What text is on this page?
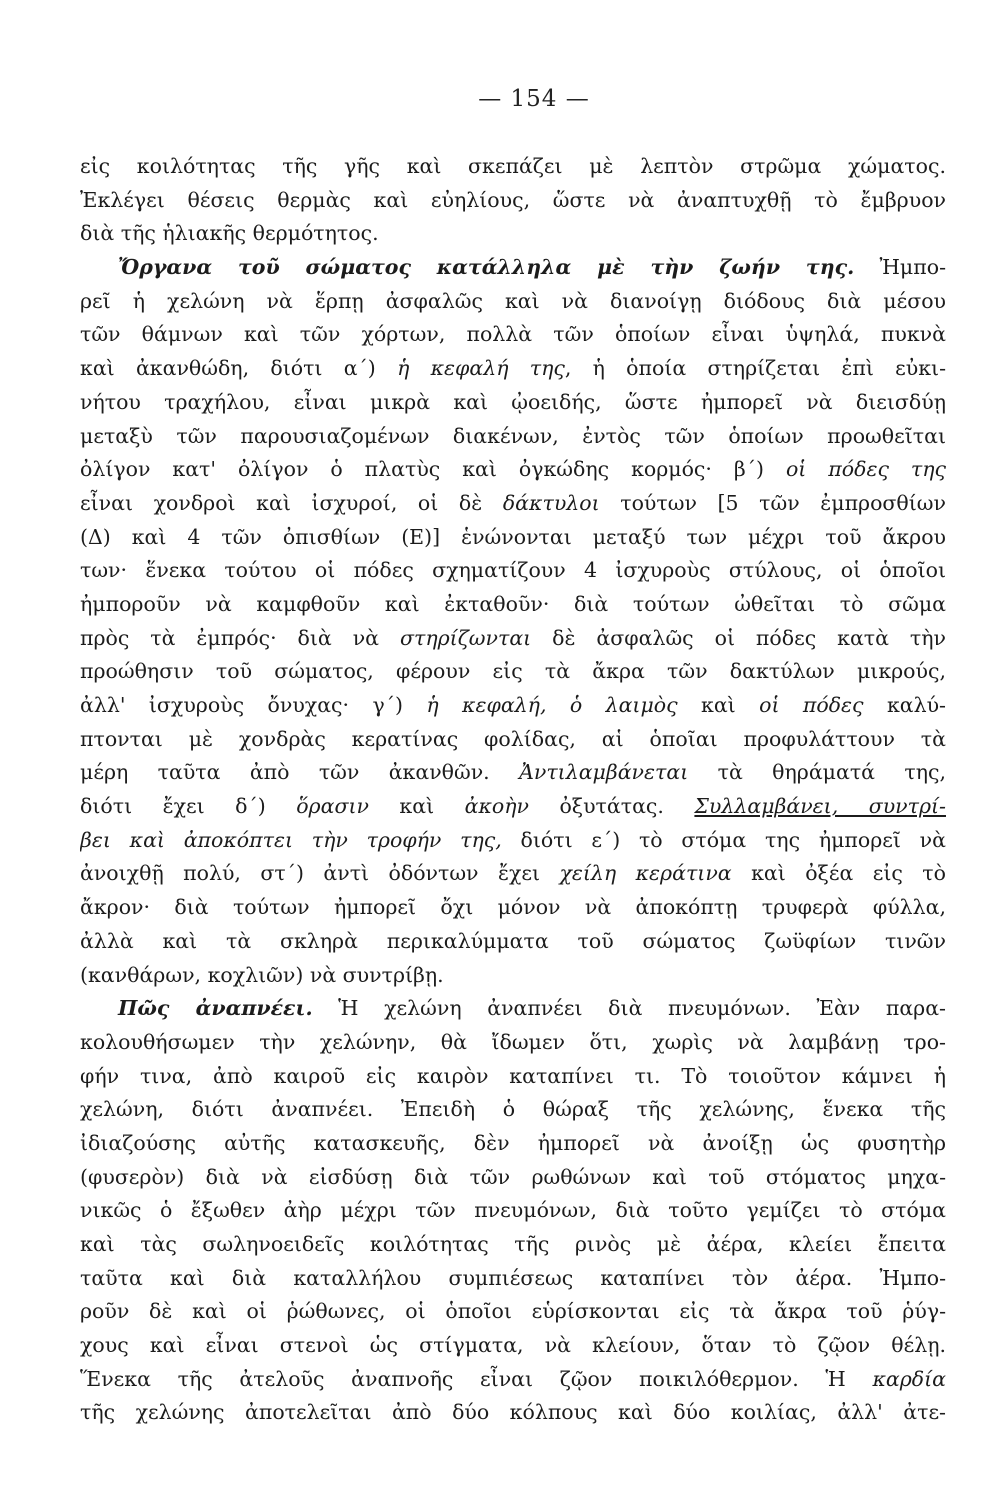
— 154 —
εἰς κοιλότητας τῆς γῆς καὶ σκεπάζει μὲ λεπτὸν στρῶμα χώματος.
Ἐκλέγει θέσεις θερμὰς καὶ εὐηλίους, ὥστε νὰ ἀναπτυχθῇ τὸ ἔμβρυον
διὰ τῆς ἡλιακῆς θερμότητος.
Ὄργανα τοῦ σώματος κατάλληλα μὲ τὴν ζωήν της. Ἠμπο-
ρεῖ ἡ χελώνη νὰ ἕρπῃ ἀσφαλῶς καὶ νὰ διανοίγῃ διόδους διὰ μέσου
τῶν θάμνων καὶ τῶν χόρτων, πολλὰ τῶν ὁποίων εἶναι ὑψηλά, πυκνὰ
καὶ ἀκανθώδη, διότι α΄) ἡ κεφαλή της, ἡ ὁποία στηρίζεται ἐπὶ εὐκι-
νήτου τραχήλου, εἶναι μικρὰ καὶ ᾠοειδής, ὥστε ἠμπορεῖ νὰ διεισδύῃ
μεταξὺ τῶν παρουσιαζομένων διακένων, ἐντὸς τῶν ὁποίων προωθεῖται
ὀλίγον κατ' ὀλίγον ὁ πλατὺς καὶ ὀγκώδης κορμός· β΄) οἱ πόδες της
εἶναι χονδροὶ καὶ ἰσχυροί, οἱ δὲ δάκτυλοι τούτων [5 τῶν ἐμπροσθίων
(Δ) καὶ 4 τῶν ὀπισθίων (Ε)] ἑνώνονται μεταξύ των μέχρι τοῦ ἄκρου
των· ἕνεκα τούτου οἱ πόδες σχηματίζουν 4 ἰσχυροὺς στύλους, οἱ ὁποῖοι
ἠμποροῦν νὰ καμφθοῦν καὶ ἐκταθοῦν· διὰ τούτων ὠθεῖται τὸ σῶμα
πρὸς τὰ ἐμπρός· διὰ νὰ στηρίζωνται δὲ ἀσφαλῶς οἱ πόδες κατὰ τὴν
προώθησιν τοῦ σώματος, φέρουν εἰς τὰ ἄκρα τῶν δακτύλων μικρούς,
ἀλλ' ἰσχυροὺς ὄνυχας· γ΄) ἡ κεφαλή, ὁ λαιμὸς καὶ οἱ πόδες καλύ-
πτονται μὲ χονδρὰς κερατίνας φολίδας, αἱ ὁποῖαι προφυλάττουν τὰ
μέρη ταῦτα ἀπὸ τῶν ἀκανθῶν. Ἀντιλαμβάνεται τὰ θηράματά της,
διότι ἔχει δ΄) ὅρασιν καὶ ἀκοὴν ὀξυτάτας. Συλλαμβάνει, συντρί-
βει καὶ ἀποκόπτει τὴν τροφήν της, διότι ε΄) τὸ στόμα της ἠμπορεῖ νὰ
ἀνοιχθῇ πολύ, στ΄) ἀντὶ ὀδόντων ἔχει χείλη κεράτινα καὶ ὀξέα εἰς τὸ
ἄκρον· διὰ τούτων ἠμπορεῖ ὄχι μόνον νὰ ἀποκόπτῃ τρυφερὰ φύλλα,
ἀλλὰ καὶ τὰ σκληρὰ περικαλύμματα τοῦ σώματος ζωϋφίων τινῶν
(κανθάρων, κοχλιῶν) νὰ συντρίβῃ.
Πῶς ἀναπνέει. Ἡ χελώνη ἀναπνέει διὰ πνευμόνων. Ἐὰν παρα-
κολουθήσωμεν τὴν χελώνην, θὰ ἴδωμεν ὅτι, χωρὶς νὰ λαμβάνῃ τρο-
φήν τινα, ἀπὸ καιροῦ εἰς καιρὸν καταπίνει τι. Τὸ τοιοῦτον κάμνει ἡ
χελώνη, διότι ἀναπνέει. Ἐπειδὴ ὁ θώραξ τῆς χελώνης, ἕνεκα τῆς
ἰδιαζούσης αὐτῆς κατασκευῆς, δὲν ἠμπορεῖ νὰ ἀνοίξῃ ὡς φυσητὴρ
(φυσερὸν) διὰ νὰ εἰσδύσῃ διὰ τῶν ρωθώνων καὶ τοῦ στόματος μηχα-
νικῶς ὁ ἔξωθεν ἀὴρ μέχρι τῶν πνευμόνων, διὰ τοῦτο γεμίζει τὸ στόμα
καὶ τὰς σωληνοειδεῖς κοιλότητας τῆς ρινὸς μὲ ἀέρα, κλείει ἔπειτα
ταῦτα καὶ διὰ καταλλήλου συμπιέσεως καταπίνει τὸν ἀέρα. Ἠμπο-
ροῦν δὲ καὶ οἱ ῥώθωνες, οἱ ὁποῖοι εὑρίσκονται εἰς τὰ ἄκρα τοῦ ῥύγ-
χους καὶ εἶναι στενοὶ ὡς στίγματα, νὰ κλείουν, ὅταν τὸ ζῷον θέλῃ.
Ἕνεκα τῆς ἀτελοῦς ἀναπνοῆς εἶναι ζῷον ποικιλόθερμον. Ἡ καρδία
τῆς χελώνης ἀποτελεῖται ἀπὸ δύο κόλπους καὶ δύο κοιλίας, ἀλλ' ἀτε-
